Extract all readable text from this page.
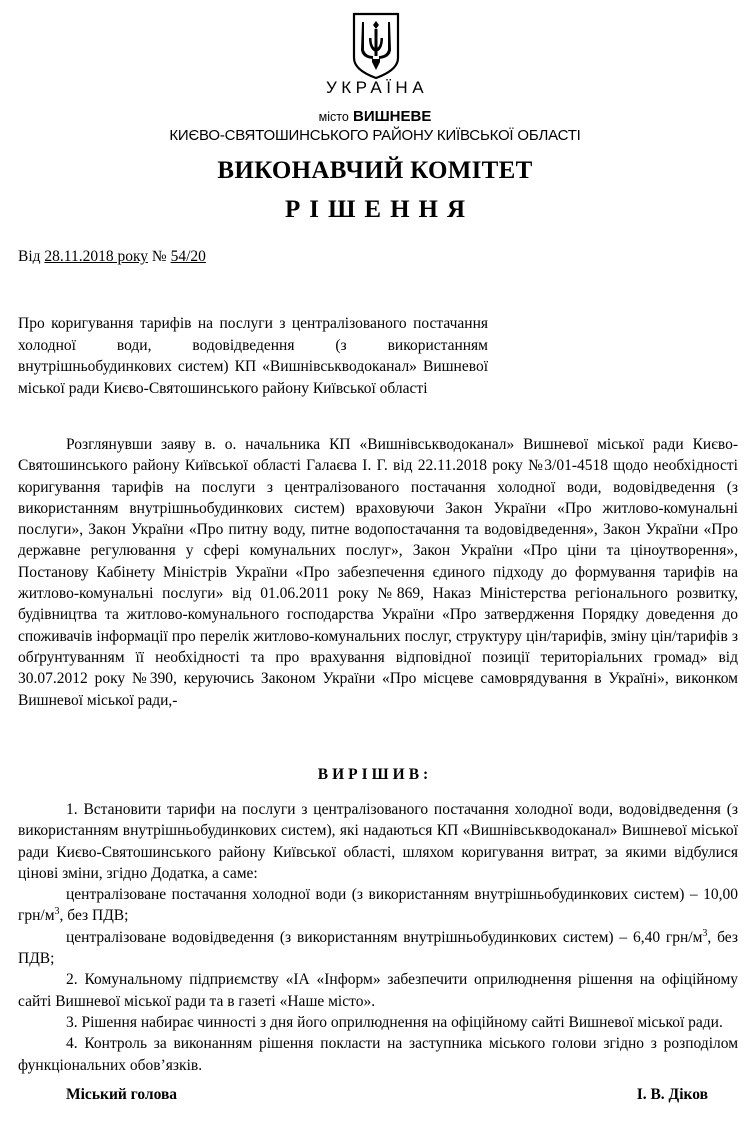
УКРАЇНА
місто ВИШНЕВЕ
КИЄВО-СВЯТОШИНСЬКОГО РАЙОНУ КИЇВСЬКОЇ ОБЛАСТІ
ВИКОНАВЧИЙ КОМІТЕТ
РІШЕННЯ
Від 28.11.2018 року № 54/20
Про коригування тарифів на послуги з централізованого постачання холодної води, водовідведення (з використанням внутрішньобудинкових систем) КП «Вишнівськводоканал» Вишневої міської ради Києво-Святошинського району Київської області
Розглянувши заяву в. о. начальника КП «Вишнівськводоканал» Вишневої міської ради Києво-Святошинського району Київської області Галаєва І. Г. від 22.11.2018 року №3/01-4518 щодо необхідності коригування тарифів на послуги з централізованого постачання холодної води, водовідведення (з використанням внутрішньобудинкових систем) враховуючи Закон України «Про житлово-комунальні послуги», Закон України «Про питну воду, питне водопостачання та водовідведення», Закон України «Про державне регулювання у сфері комунальних послуг», Закон України «Про ціни та ціноутворення», Постанову Кабінету Міністрів України «Про забезпечення єдиного підходу до формування тарифів на житлово-комунальні послуги» від 01.06.2011 року №869, Наказ Міністерства регіонального розвитку, будівництва та житлово-комунального господарства України «Про затвердження Порядку доведення до споживачів інформації про перелік житлово-комунальних послуг, структуру цін/тарифів, зміну цін/тарифів з обґрунтуванням її необхідності та про врахування відповідної позиції територіальних громад» від 30.07.2012 року №390, керуючись Законом України «Про місцеве самоврядування в Україні», виконком Вишневої міської ради,-
ВИРІШИВ:

1. Встановити тарифи на послуги з централізованого постачання холодної води, водовідведення (з використанням внутрішньобудинкових систем), які надаються КП «Вишнівськводоканал» Вишневої міської ради Києво-Святошинського району Київської області, шляхом коригування витрат, за якими відбулися цінові зміни, згідно Додатка, а саме:

централізоване постачання холодної води (з використанням внутрішньобудинкових систем) – 10,00 грн/$м^3$, без ПДВ;

централізоване водовідведення (з використанням внутрішньобудинкових систем) – 6,40 грн/$м^3$, без ПДВ;

2. Комунальному підприємству «ІА «Інформ» забезпечити оприлюднення рішення на офіційному сайті Вишневої міської ради та в газеті «Наше місто».

3. Рішення набирає чинності з дня його оприлюднення на офіційному сайті Вишневої міської ради.

4. Контроль за виконанням рішення покласти на заступника міського голови згідно з розподілом функціональних обов’язків.

Міський голова	І. В. Діков
